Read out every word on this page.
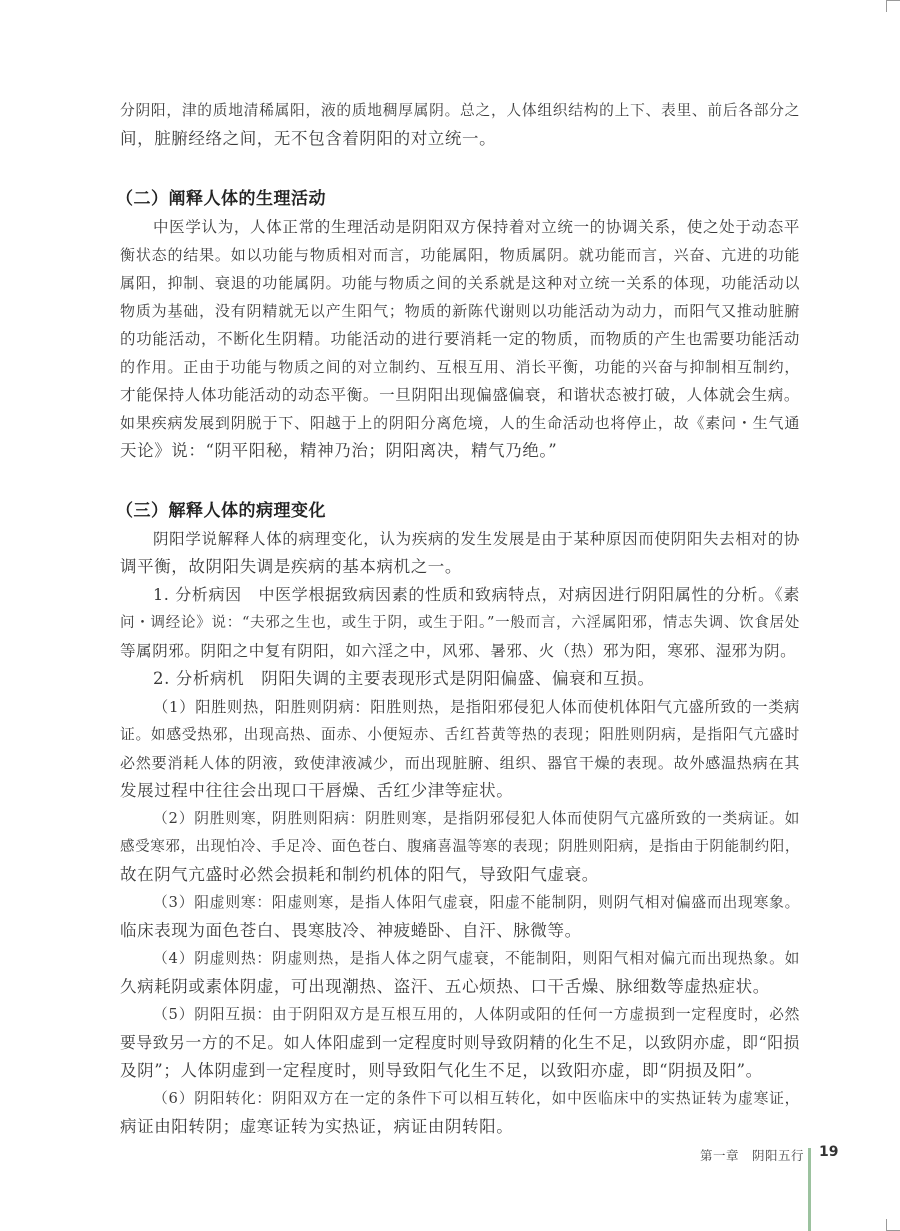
分阴阳，津的质地清稀属阳，液的质地稠厚属阴。总之，人体组织结构的上下、表里、前后各部分之
间，脏腑经络之间，无不包含着阴阳的对立统一。
（二）阐释人体的生理活动
中医学认为，人体正常的生理活动是阴阳双方保持着对立统一的协调关系，使之处于动态平
衡状态的结果。如以功能与物质相对而言，功能属阳，物质属阴。就功能而言，兴奋、亢进的功能
属阳，抑制、衰退的功能属阴。功能与物质之间的关系就是这种对立统一关系的体现，功能活动以
物质为基础，没有阴精就无以产生阳气；物质的新陈代谢则以功能活动为动力，而阳气又推动脏腑
的功能活动，不断化生阴精。功能活动的进行要消耗一定的物质，而物质的产生也需要功能活动
的作用。正由于功能与物质之间的对立制约、互根互用、消长平衡，功能的兴奋与抑制相互制约，
才能保持人体功能活动的动态平衡。一旦阴阳出现偏盛偏衰，和谐状态被打破，人体就会生病。
如果疾病发展到阴脱于下、阳越于上的阴阳分离危境，人的生命活动也将停止，故《素问・生气通
天论》说：“阴平阳秘，精神乃治；阴阳离决，精气乃绝。”
（三）解释人体的病理变化
阴阳学说解释人体的病理变化，认为疾病的发生发展是由于某种原因而使阴阳失去相对的协
调平衡，故阴阳失调是疾病的基本病机之一。
1. 分析病因　中医学根据致病因素的性质和致病特点，对病因进行阴阳属性的分析。《素
问・调经论》说：“夫邪之生也，或生于阴，或生于阳。”一般而言，六淫属阳邪，情志失调、饮食居处
等属阴邪。阴阳之中复有阴阳，如六淫之中，风邪、暑邪、火（热）邪为阳，寒邪、湿邪为阴。
2. 分析病机　阴阳失调的主要表现形式是阴阳偏盛、偏衰和互损。
（1）阳胜则热，阳胜则阴病：阳胜则热，是指阳邪侵犯人体而使机体阳气亢盛所致的一类病
证。如感受热邪，出现高热、面赤、小便短赤、舌红苔黄等热的表现；阳胜则阴病，是指阳气亢盛时
必然要消耗人体的阴液，致使津液减少，而出现脏腑、组织、器官干燥的表现。故外感温热病在其
发展过程中往往会出现口干唇燥、舌红少津等症状。
（2）阴胜则寒，阴胜则阳病：阴胜则寒，是指阴邪侵犯人体而使阴气亢盛所致的一类病证。如
感受寒邪，出现怕冷、手足冷、面色苍白、腹痛喜温等寒的表现；阴胜则阳病，是指由于阴能制约阳，
故在阴气亢盛时必然会损耗和制约机体的阳气，导致阳气虚衰。
（3）阳虚则寒：阳虚则寒，是指人体阳气虚衰，阳虚不能制阴，则阴气相对偏盛而出现寒象。
临床表现为面色苍白、畏寒肢冷、神疲蜷卧、自汗、脉微等。
（4）阴虚则热：阴虚则热，是指人体之阴气虚衰，不能制阳，则阳气相对偏亢而出现热象。如
久病耗阴或素体阴虚，可出现潮热、盗汗、五心烦热、口干舌燥、脉细数等虚热症状。
（5）阴阳互损：由于阴阳双方是互根互用的，人体阴或阳的任何一方虚损到一定程度时，必然
要导致另一方的不足。如人体阳虚到一定程度时则导致阴精的化生不足，以致阴亦虚，即“阳损
及阴”；人体阴虚到一定程度时，则导致阳气化生不足，以致阳亦虚，即“阴损及阳”。
（6）阴阳转化：阴阳双方在一定的条件下可以相互转化，如中医临床中的实热证转为虚寒证，
病证由阳转阴；虚寒证转为实热证，病证由阴转阳。
第一章　阴阳五行 19
